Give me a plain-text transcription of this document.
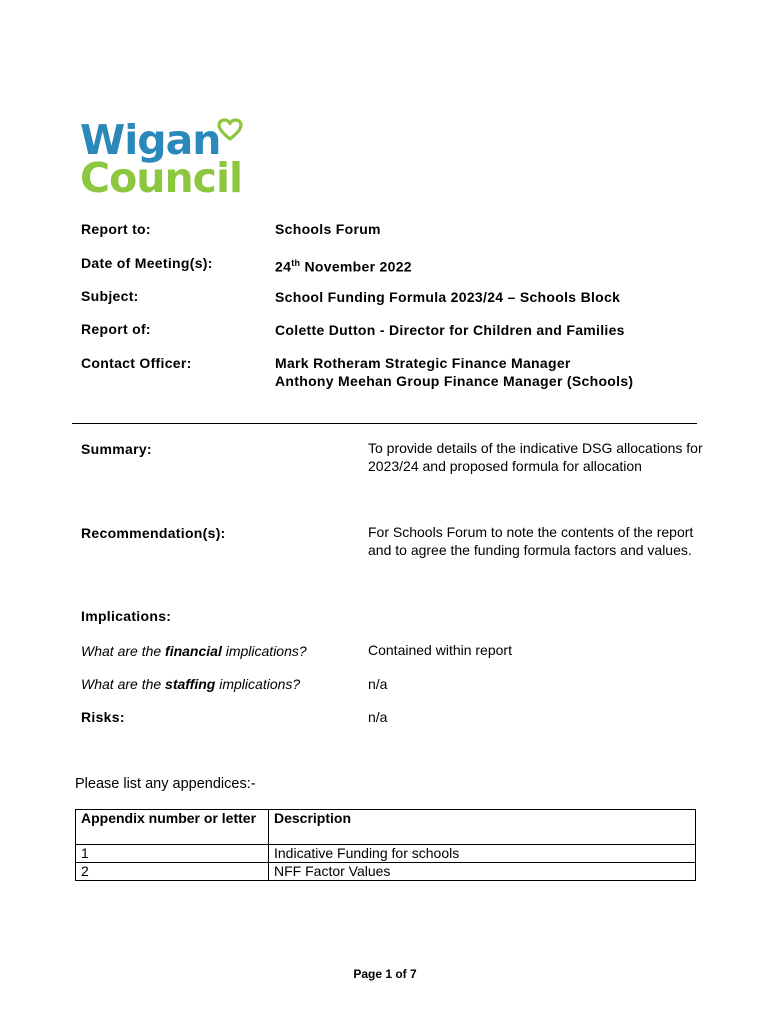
Wigan
Council
Report to:	Schools Forum
Date of Meeting(s):	24th November 2022
Subject:	School Funding Formula 2023/24 – Schools Block
Report of:	Colette Dutton - Director for Children and Families
Contact Officer:	Mark Rotheram Strategic Finance Manager
Anthony Meehan Group Finance Manager (Schools)
Summary:	To provide details of the indicative DSG allocations for 2023/24 and proposed formula for allocation
Recommendation(s):	For Schools Forum to note the contents of the report and to agree the funding formula factors and values.
Implications:
What are the financial implications?	Contained within report
What are the staffing implications?	n/a
Risks:	n/a
Please list any appendices:-
Appendix number or letter	Description
1	Indicative Funding for schools
2	NFF Factor Values
Page 1 of 7
